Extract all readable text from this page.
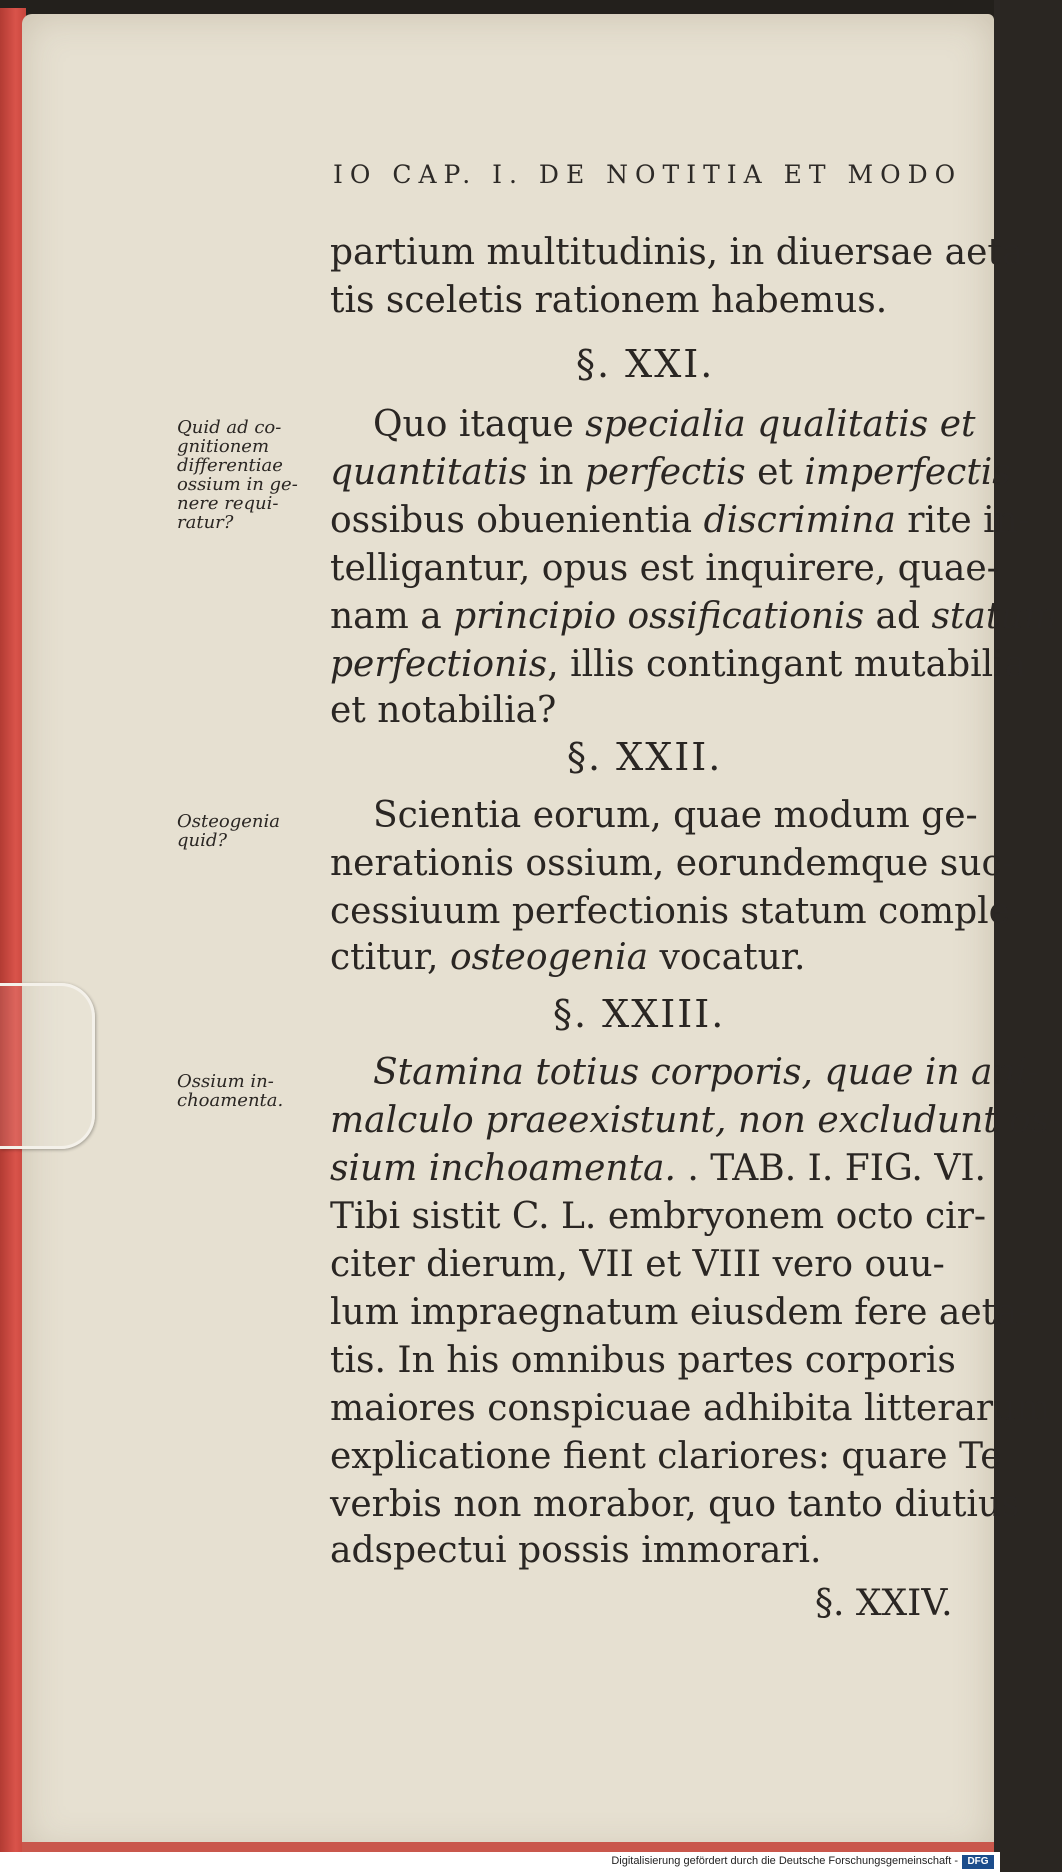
IO CAP. I. DE NOTITIA ET MODO
partium multitudinis, in diuersae aeta-
tis sceletis rationem habemus.
§. XXI.
Quo itaque specialia qualitatis et
quantitatis in perfectis et imperfectis
ossibus obuenientia discrimina rite in-
telligantur, opus est inquirere, quae-
nam a principio ossificationis ad statum
perfectionis, illis contingant mutabilia
et notabilia?
§. XXII.
Scientia eorum, quae modum ge-
nerationis ossium, eorundemque suc-
cessiuum perfectionis statum comple-
ctitur, osteogenia vocatur.
§. XXIII.
Stamina totius corporis, quae in ani-
malculo praeexistunt, non excludunt os-
sium inchoamenta. . TAB. I. FIG. VI.
Tibi sistit C. L. embryonem octo cir-
citer dierum, VII et VIII vero ouu-
lum impraegnatum eiusdem fere aeta-
tis. In his omnibus partes corporis
maiores conspicuae adhibita litterarum
explicatione fient clariores: quare Te
verbis non morabor, quo tanto diutius
adspectui possis immorari.
§. XXIV.
Quid ad co-
gnitionem
differentiae
ossium in ge-
nere requi-
ratur?
Osteogenia
quid?
Ossium in-
choamenta.
Digitalisierung gefördert durch die Deutsche Forschungsgemeinschaft - DFG
